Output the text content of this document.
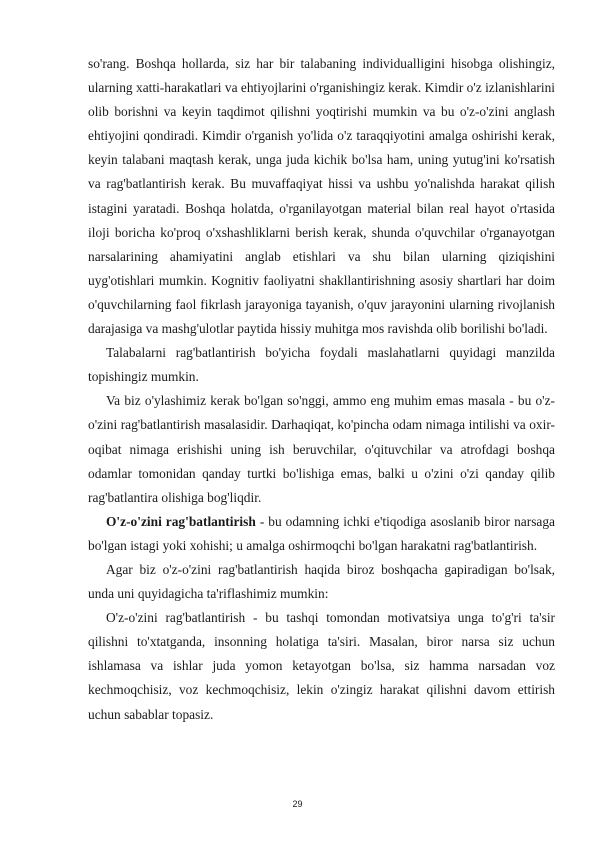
so'rang. Boshqa hollarda, siz har bir talabaning individualligini hisobga olishingiz, ularning xatti-harakatlari va ehtiyojlarini o'rganishingiz kerak. Kimdir o'z izlanishlarini olib borishni va keyin taqdimot qilishni yoqtirishi mumkin va bu o'z-o'zini anglash ehtiyojini qondiradi. Kimdir o'rganish yo'lida o'z taraqqiyotini amalga oshirishi kerak, keyin talabani maqtash kerak, unga juda kichik bo'lsa ham, uning yutug'ini ko'rsatish va rag'batlantirish kerak. Bu muvaffaqiyat hissi va ushbu yo'nalishda harakat qilish istagini yaratadi. Boshqa holatda, o'rganilayotgan material bilan real hayot o'rtasida iloji boricha ko'proq o'xshashliklarni berish kerak, shunda o'quvchilar o'rganayotgan narsalarining ahamiyatini anglab etishlari va shu bilan ularning qiziqishini uyg'otishlari mumkin. Kognitiv faoliyatni shakllantirishning asosiy shartlari har doim o'quvchilarning faol fikrlash jarayoniga tayanish, o'quv jarayonini ularning rivojlanish darajasiga va mashg'ulotlar paytida hissiy muhitga mos ravishda olib borilishi bo'ladi.

Talabalarni rag'batlantirish bo'yicha foydali maslahatlarni quyidagi manzilda topishingiz mumkin.

Va biz o'ylashimiz kerak bo'lgan so'nggi, ammo eng muhim emas masala - bu o'z-o'zini rag'batlantirish masalasidir. Darhaqiqat, ko'pincha odam nimaga intilishi va oxir-oqibat nimaga erishishi uning ish beruvchilar, o'qituvchilar va atrofdagi boshqa odamlar tomonidan qanday turtki bo'lishiga emas, balki u o'zini o'zi qanday qilib rag'batlantira olishiga bog'liqdir.

O'z-o'zini rag'batlantirish - bu odamning ichki e'tiqodiga asoslanib biror narsaga bo'lgan istagi yoki xohishi; u amalga oshirmoqchi bo'lgan harakatni rag'batlantirish.

Agar biz o'z-o'zini rag'batlantirish haqida biroz boshqacha gapiradigan bo'lsak, unda uni quyidagicha ta'riflashimiz mumkin:

O'z-o'zini rag'batlantirish - bu tashqi tomondan motivatsiya unga to'g'ri ta'sir qilishni to'xtatganda, insonning holatiga ta'siri. Masalan, biror narsa siz uchun ishlamasa va ishlar juda yomon ketayotgan bo'lsa, siz hamma narsadan voz kechmoqchisiz, voz kechmoqchisiz, lekin o'zingiz harakat qilishni davom ettirish uchun sabablar topasiz.

29
